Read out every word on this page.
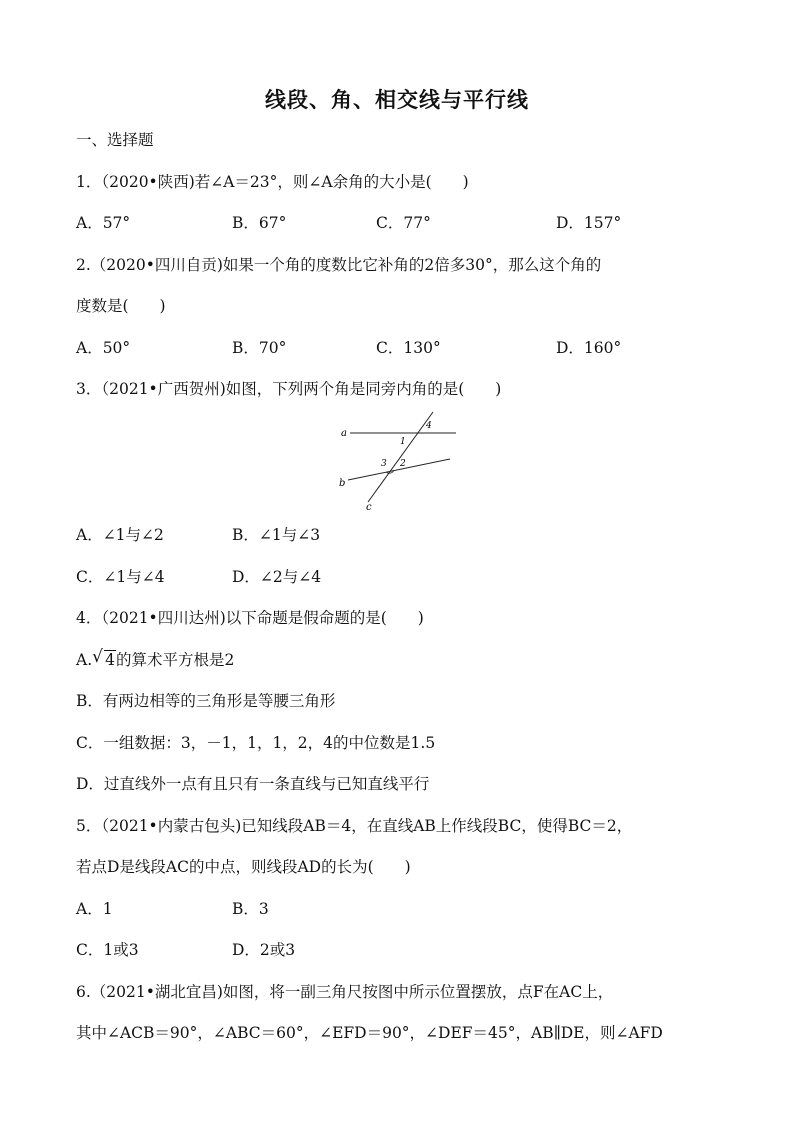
线段、角、相交线与平行线
一、选择题
1．（2020•陕西)若∠A＝23°，则∠A余角的大小是(　　)
A．57°	B．67°	C．77°	D．157°
2.（2020•四川自贡)如果一个角的度数比它补角的2倍多30°，那么这个角的
度数是(　　)
A．50°	B．70°	C．130°	D．160°
3．（2021•广西贺州)如图，下列两个角是同旁内角的是(　　)
a
b
c
1
2
3
4
A．∠1与∠2	B．∠1与∠3
C．∠1与∠4	D．∠2与∠4
4．（2021•四川达州)以下命题是假命题的是(　　)
A. √ 4的算术平方根是2
B．有两边相等的三角形是等腰三角形
C．一组数据：3，－1，1，1，2，4的中位数是1.5
D．过直线外一点有且只有一条直线与已知直线平行
5．（2021•内蒙古包头)已知线段AB＝4，在直线AB上作线段BC，使得BC＝2，
若点D是线段AC的中点，则线段AD的长为(　　)
A．1	B．3
C．1或3	D．2或3
6.（2021•湖北宜昌)如图，将一副三角尺按图中所示位置摆放，点F在AC上，
其中∠ACB＝90°，∠ABC＝60°，∠EFD＝90°，∠DEF＝45°，AB∥DE，则∠AFD
